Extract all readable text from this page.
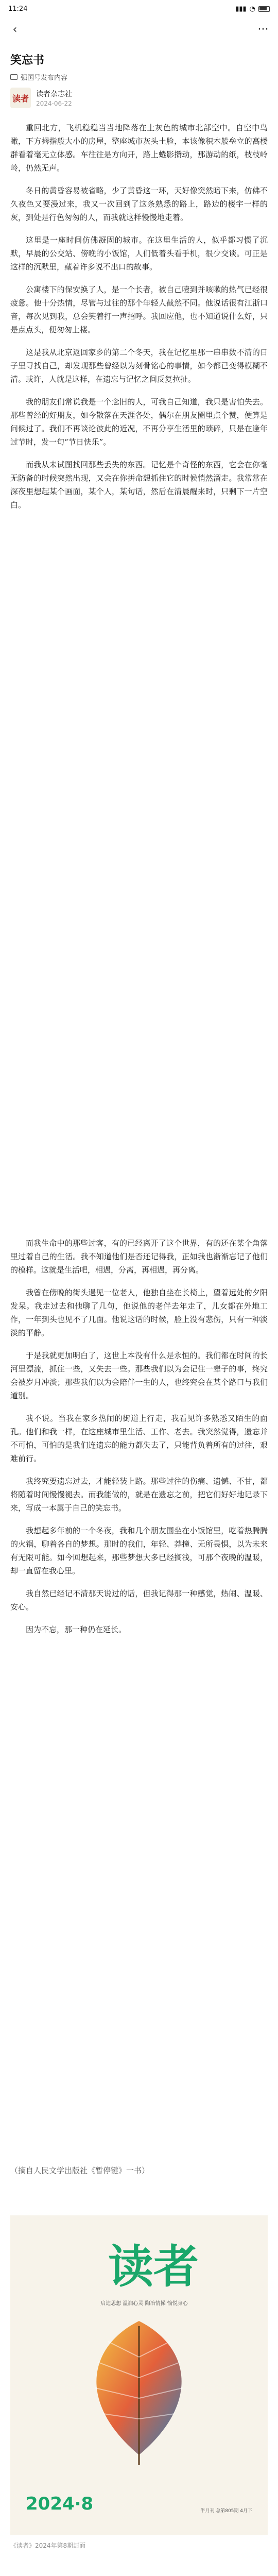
11:24	▮▮▮ ◔
‹	···
笑忘书
强国号发布内容
读者 读者杂志社
2024-06-22

重回北方，飞机稳稳当当地降落在土灰色的城市北部空中。自空中鸟瞰，下方拇指般大小的房屋，整座城市灰头土脸，本该像积木般垒立的高楼群看着毫无立体感。车往往是方向开，路上蜷影攒动，那游动的纸，枝枝岭岭，仍然无声。

冬日的黄昏容易被省略，少了黄昏这一环，天好像突然暗下来，仿佛不久夜色又要漫过来，我又一次回到了这条熟悉的路上，路边的楼宇一样的灰，到处是行色匆匆的人，而我就这样慢慢地走着。

这里是一座时间仿佛凝固的城市。在这里生活的人，似乎都习惯了沉默，早晨的公交站、傍晚的小饭馆，人们低着头看手机，很少交谈。可正是这样的沉默里，藏着许多说不出口的故事。

公寓楼下的保安换了人，是一个长者，被自己噎到并咳嗽的热气已经很疲惫。他十分热情，尽管与过往的那个年轻人截然不同。他说话很有江浙口音，每次见到我，总会笑着打一声招呼。我回应他，也不知道说什么好，只是点点头，便匆匆上楼。

这是我从北京返回家乡的第二个冬天，我在记忆里那一串串数不清的日子里寻找自己，却发现那些曾经以为刻骨铭心的事情，如今都已变得模糊不清。或许，人就是这样，在遗忘与记忆之间反复拉扯。

我的朋友们常说我是一个念旧的人，可我自己知道，我只是害怕失去。那些曾经的好朋友，如今散落在天涯各处，偶尔在朋友圈里点个赞，便算是问候过了。我们不再谈论彼此的近况，不再分享生活里的琐碎，只是在逢年过节时，发一句“节日快乐”。

而我从未试图找回那些丢失的东西。记忆是个奇怪的东西，它会在你毫无防备的时候突然出现，又会在你拼命想抓住它的时候悄然溜走。我常常在深夜里想起某个画面，某个人，某句话，然后在清晨醒来时，只剩下一片空白。

而我生命中的那些过客，有的已经离开了这个世界，有的还在某个角落里过着自己的生活。我不知道他们是否还记得我，正如我也渐渐忘记了他们的模样。这就是生活吧，相遇，分离，再相遇，再分离。

我曾在傍晚的街头遇见一位老人，他独自坐在长椅上，望着远处的夕阳发呆。我走过去和他聊了几句，他说他的老伴去年走了，儿女都在外地工作，一年到头也见不了几面。他说这话的时候，脸上没有悲伤，只有一种淡淡的平静。

于是我就更加明白了，这世上本没有什么是永恒的。我们都在时间的长河里漂流，抓住一些，又失去一些。那些我们以为会记住一辈子的事，终究会被岁月冲淡；那些我们以为会陪伴一生的人，也终究会在某个路口与我们道别。

我不说。当我在家乡热闹的街道上行走，我看见许多熟悉又陌生的面孔。他们和我一样，在这座城市里生活、工作、老去。我突然觉得，遗忘并不可怕，可怕的是我们连遗忘的能力都失去了，只能背负着所有的过往，艰难前行。

我终究要遗忘过去，才能轻装上路。那些过往的伤痛、遗憾、不甘，都将随着时间慢慢褪去。而我能做的，就是在遗忘之前，把它们好好地记录下来，写成一本属于自己的笑忘书。

我想起多年前的一个冬夜，我和几个朋友围坐在小饭馆里，吃着热腾腾的火锅，聊着各自的梦想。那时的我们，年轻、莽撞、无所畏惧，以为未来有无限可能。如今回想起来，那些梦想大多已经搁浅，可那个夜晚的温暖，却一直留在我心里。

我自然已经记不清那天说过的话，但我记得那一种感觉，热闹、温暖、安心。

因为不忘，那一种仍在延长。

读者
启迪思想 温润心灵 陶冶情操 愉悦身心
2024·8	半月刊 总第805期 4月下
《读者》2024年第8期封面
（摘自人民文学出版社《暂停键》一书）
